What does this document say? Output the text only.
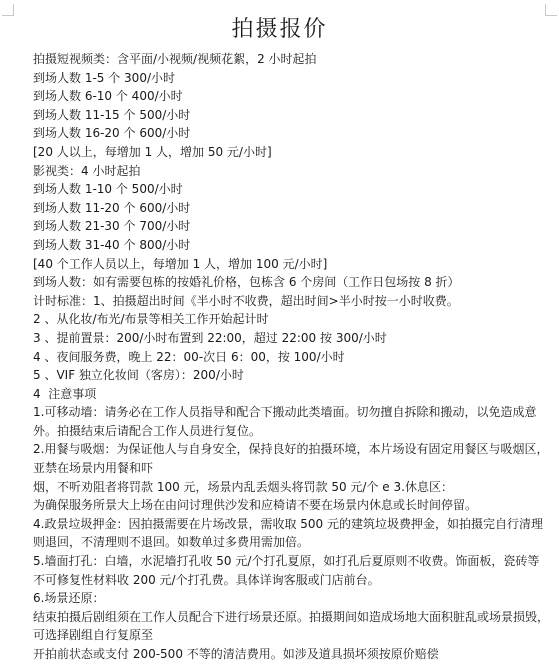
拍摄报价
拍摄短视频类：含平面/小视频/视频花絮，2 小时起拍
到场人数 1-5 个 300/小时
到场人数 6-10 个 400/小时
到场人数 11-15 个 500/小时
到场人数 16-20 个 600/小时
[20 人以上，每增加 1 人，增加 50 元/小时]
影视类：4 小时起拍
到场人数 1-10 个 500/小时
到场人数 11-20 个 600/小时
到场人数 21-30 个 700/小时
到场人数 31-40 个 800/小时
[40 个工作人员以上，每增加 1 人，增加 100 元/小时]
到场人数：如有需要包栋的按婚礼价格，包栋含 6 个房间（工作日包场按 8 折）
计时标准：1、拍摄超出时间《半小时不收费，超出时间>半小时按一小时收费。
2 、从化妆/布光/布景等相关工作开始起计时
3 、提前置景：200/小时布置到 22:00，超过 22:00 按 300/小时
4 、夜间服务费，晚上 22：00-次日 6：00，按 100/小时
5 、VIF 独立化妆间（客房）：200/小时
4  注意事项
1.可移动墙：请务必在工作人员指导和配合下搬动此类墙面。切勿擅自拆除和搬动，以免造成意外。拍摄结束后请配合工作人员进行复位。
2.用餐与吸烟：为保证他人与自身安全，保持良好的拍摄环境，本片场设有固定用餐区与吸烟区，亚禁在场景内用餐和吓
烟，不听劝阻者将罚款 100 元，场景内乱丢烟头将罚款 50 元/个 e 3.休息区：
为确保服务所景大上场在由问讨理供沙发和应椅请不要在场景内休息或长时间停留。
4.政景垃圾押金：因拍摄需要在片场改景，需收取 500 元的建筑垃圾费押金，如拍摄完自行清理则退回，不清理则不退回。如数单过多费用需加倍。
5.墙面打孔：白墙，水泥墙打孔收 50 元/个打孔夏原，如打孔后夏原则不收费。饰面板，瓷砖等不可修复性材料收 200 元/个打孔费。具体详询客服或门店前台。
6.场景还原：
结束拍摄后剧组须在工作人员配合下进行场景还原。拍摄期间如造成场地大面积脏乱或场景损毁，可选择剧组自行复原至
开拍前状态或支付 200-500 不等的清洁费用。如涉及道具损坏须按原价赔偿
